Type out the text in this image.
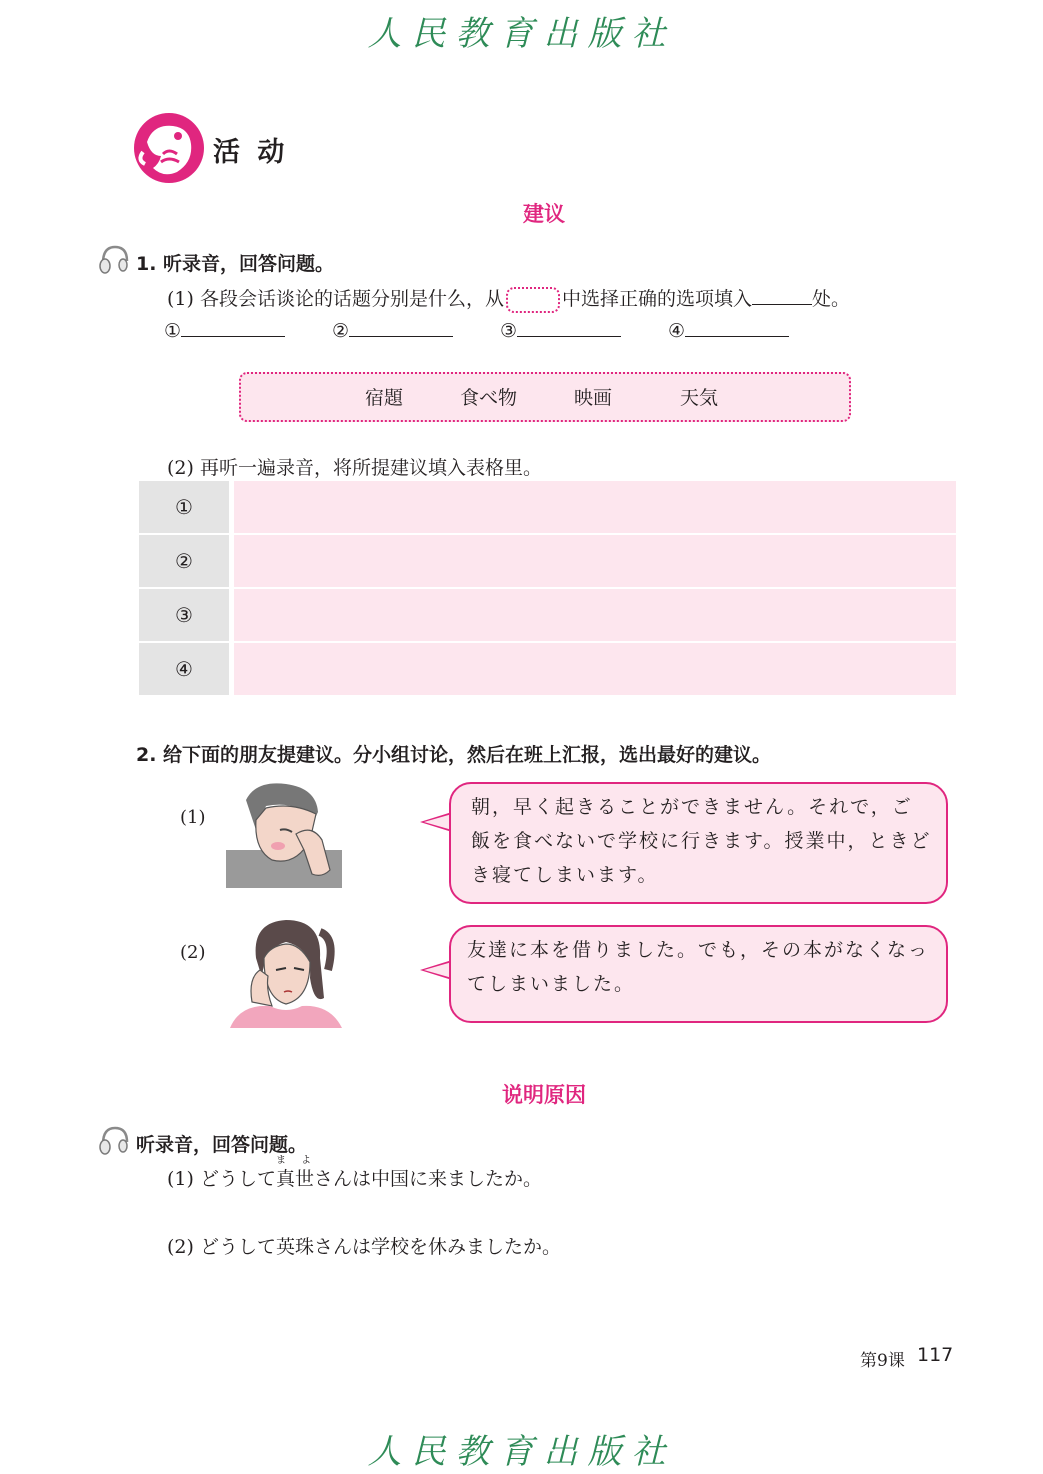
人民教育出版社
活 动
建议
1. 听录音，回答问题。
(1) 各段会话谈论的话题分别是什么，从	中选择正确的选项填入	处。
①	②	③	④
宿題	食べ物	映画	天気
(2) 再听一遍录音，将所提建议填入表格里。
①		

②		

③		

④		
2. 给下面的朋友提建议。分小组讨论，然后在班上汇报，选出最好的建议。
(1)	朝，早く起きることができません。それで，ご飯を食べないで学校に行きます。授業中，ときどき寝てしまいます。
(2)	友達に本を借りました。でも，その本がなくなってしまいました。
说明原因
听录音，回答问题。
(1) どうして
ま よ
真世さんは中国に来ましたか。
(2) どうして英珠さんは学校を休みましたか。
第9课 117
人民教育出版社
